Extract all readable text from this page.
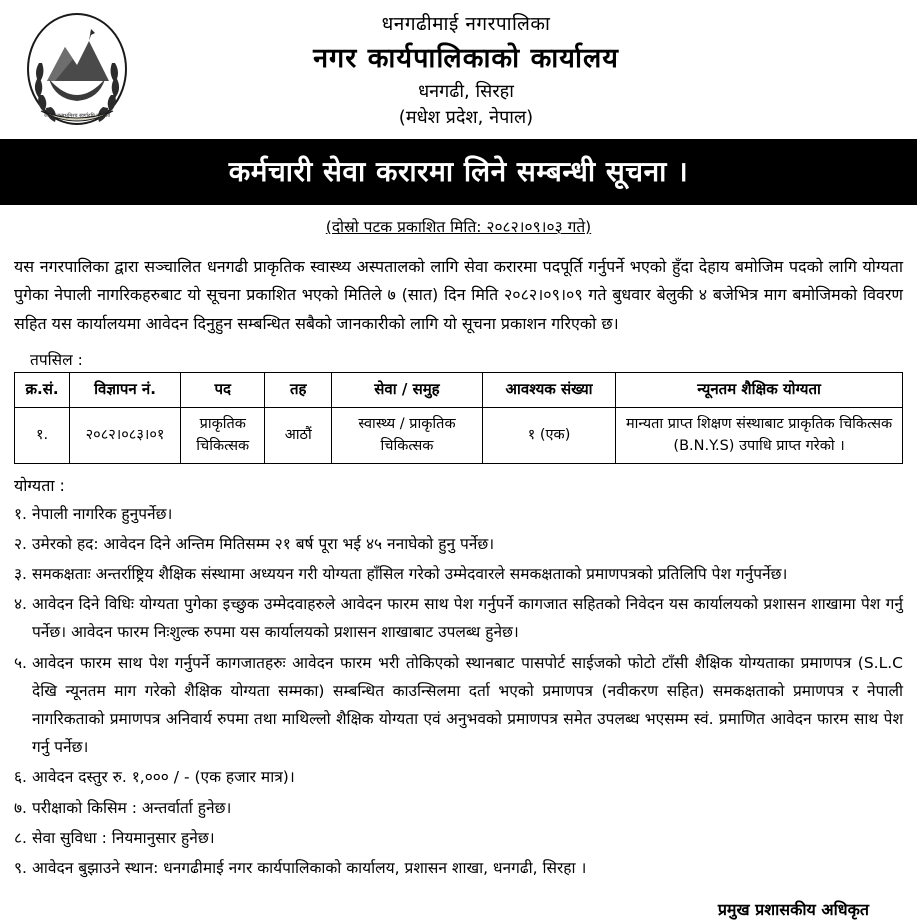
जननी जन्मभूमिश्च स्वर्गादपि गरीयसी
धनगढीमाई नगरपालिका
नगर कार्यपालिकाको कार्यालय
धनगढी, सिरहा
(मधेश प्रदेश, नेपाल)
कर्मचारी सेवा करारमा लिने सम्बन्धी सूचना ।
(दोस्रो पटक प्रकाशित मिति: २०८२।०९।०३ गते)

यस नगरपालिका द्वारा सञ्चालित धनगढी प्राकृतिक स्वास्थ्य अस्पतालको लागि सेवा करारमा पदपूर्ति गर्नुपर्ने भएको हुँदा देहाय बमोजिम पदको लागि योग्यता पुगेका नेपाली नागरिकहरुबाट यो सूचना प्रकाशित भएको मितिले ७ (सात) दिन मिति २०८२।०९।०९ गते बुधवार बेलुकी ४ बजेभित्र माग बमोजिमको विवरण सहित यस कार्यालयमा आवेदन दिनुहुन सम्बन्धित सबैको जानकारीको लागि यो सूचना प्रकाशन गरिएको छ।

तपसिल :
क्र.सं.	विज्ञापन नं.	पद	तह	सेवा / समुह	आवश्यक संख्या	न्यूनतम शैक्षिक योग्यता
१.	२०८२।०८३।०१	प्राकृतिक चिकित्सक	आठौं	स्वास्थ्य / प्राकृतिक चिकित्सक	१ (एक)	मान्यता प्राप्त शिक्षण संस्थाबाट प्राकृतिक चिकित्सक (B.N.Y.S) उपाधि प्राप्त गरेको ।
योग्यता :
१. नेपाली नागरिक हुनुपर्नेछ।
२. उमेरको हद: आवेदन दिने अन्तिम मितिसम्म २१ बर्ष पूरा भई ४५ ननाघेको हुनु पर्नेछ।
३. समकक्षताः अन्तर्राष्ट्रिय शैक्षिक संस्थामा अध्ययन गरी योग्यता हाँसिल गरेको उम्मेदवारले समकक्षताको प्रमाणपत्रको प्रतिलिपि पेश गर्नुपर्नेछ।
४. आवेदन दिने विधिः योग्यता पुगेका इच्छुक उम्मेदवाहरुले आवेदन फारम साथ पेश गर्नुपर्ने कागजात सहितको निवेदन यस कार्यालयको प्रशासन शाखामा पेश गर्नु पर्नेछ। आवेदन फारम निःशुल्क रुपमा यस कार्यालयको प्रशासन शाखाबाट उपलब्ध हुनेछ।
५. आवेदन फारम साथ पेश गर्नुपर्ने कागजातहरुः आवेदन फारम भरी तोकिएको स्थानबाट पासपोर्ट साईजको फोटो टाँसी शैक्षिक योग्यताका प्रमाणपत्र (S.L.C देखि न्यूनतम माग गरेको शैक्षिक योग्यता सम्मका) सम्बन्धित काउन्सिलमा दर्ता भएको प्रमाणपत्र (नवीकरण सहित) समकक्षताको प्रमाणपत्र र नेपाली नागरिकताको प्रमाणपत्र अनिवार्य रुपमा तथा माथिल्लो शैक्षिक योग्यता एवं अनुभवको प्रमाणपत्र समेत उपलब्ध भएसम्म स्वं. प्रमाणित आवेदन फारम साथ पेश गर्नु पर्नेछ।
६. आवेदन दस्तुर रु. १,००० / - (एक हजार मात्र)।
७. परीक्षाको किसिम : अन्तर्वार्ता हुनेछ।
८. सेवा सुविधा : नियमानुसार हुनेछ।
९. आवेदन बुझाउने स्थान: धनगढीमाई नगर कार्यपालिकाको कार्यालय, प्रशासन शाखा, धनगढी, सिरहा ।
प्रमुख प्रशासकीय अधिकृत
